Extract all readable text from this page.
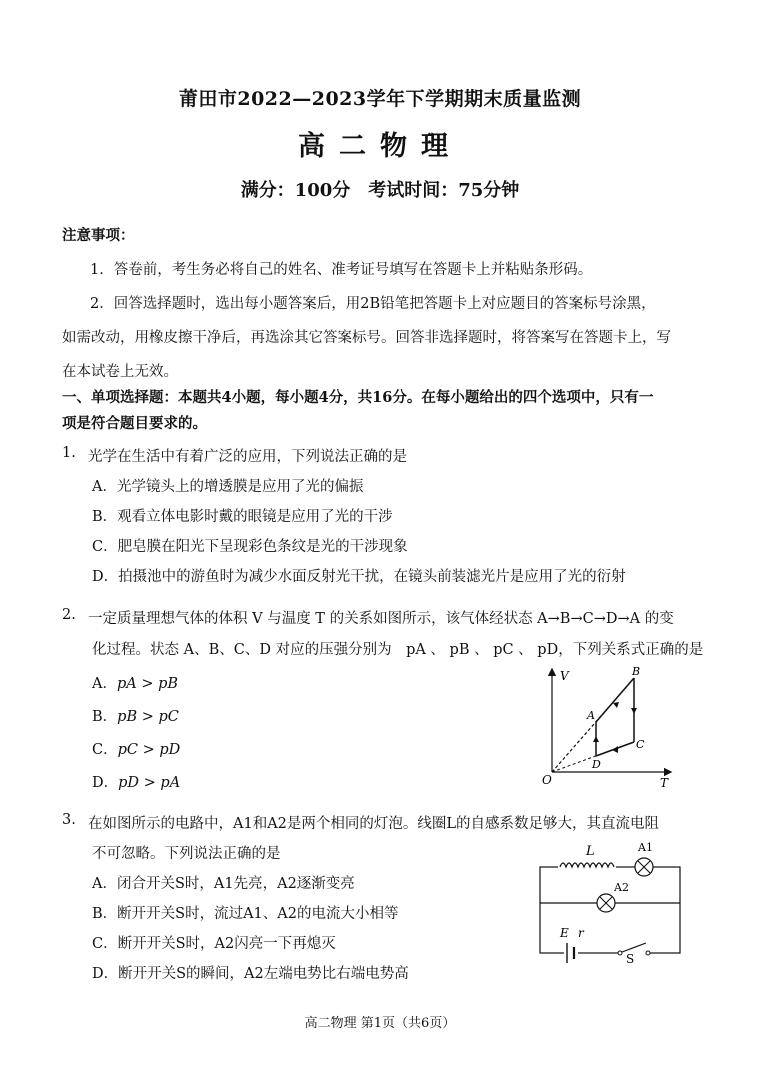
莆田市2022—2023学年下学期期末质量监测
高二物理
满分：100分　考试时间：75分钟
注意事项：
1．答卷前，考生务必将自己的姓名、准考证号填写在答题卡上并粘贴条形码。
2．回答选择题时，选出每小题答案后，用2B铅笔把答题卡上对应题目的答案标号涂黑，
如需改动，用橡皮擦干净后，再选涂其它答案标号。回答非选择题时，将答案写在答题卡上，写
在本试卷上无效。
一、单项选择题：本题共4小题，每小题4分，共16分。在每小题给出的四个选项中，只有一
项是符合题目要求的。
1. 光学在生活中有着广泛的应用，下列说法正确的是
A．光学镜头上的增透膜是应用了光的偏振
B．观看立体电影时戴的眼镜是应用了光的干涉
C．肥皂膜在阳光下呈现彩色条纹是光的干涉现象
D．拍摄池中的游鱼时为减少水面反射光干扰，在镜头前装滤光片是应用了光的衍射
2. 一定质量理想气体的体积 V 与温度 T 的关系如图所示，该气体经状态 A→B→C→D→A 的变
化过程。状态 A、B、C、D 对应的压强分别为　pA 、 pB 、 pC 、 pD，下列关系式正确的是
A．pA > pB
B．pB > pC
C．pC > pD
D．pD > pA
V
T
O
A
B
C
D
3. 在如图所示的电路中，A1和A2是两个相同的灯泡。线圈L的自感系数足够大，其直流电阻
不可忽略。下列说法正确的是
A．闭合开关S时，A1先亮，A2逐渐变亮
B．断开开关S时，流过A1、A2的电流大小相等
C．断开开关S时，A2闪亮一下再熄灭
D．断开开关S的瞬间，A2左端电势比右端电势高
L	A1
A2
E r
S
高二物理 第1页（共6页）
